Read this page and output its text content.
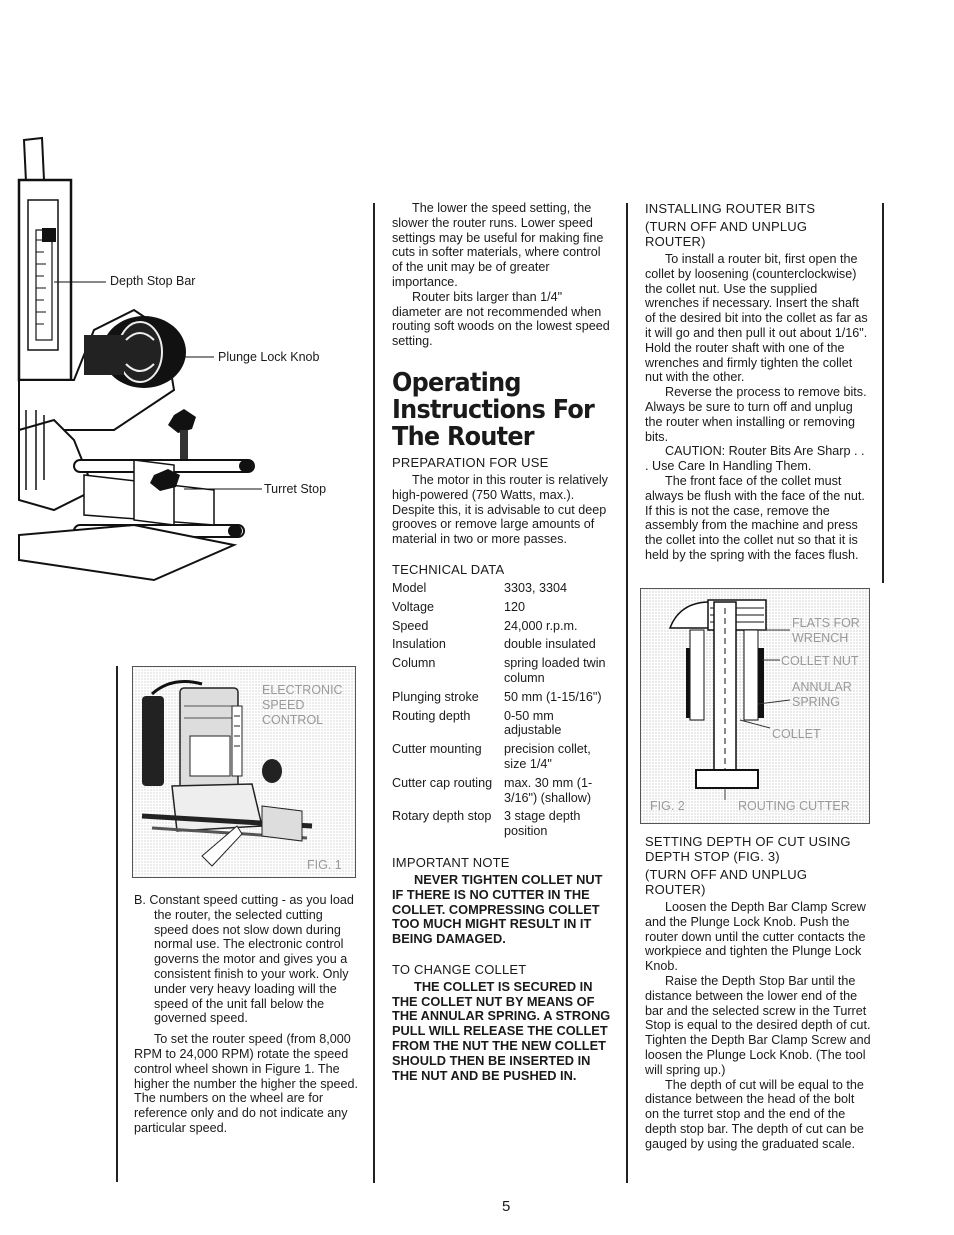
Depth Stop Bar
Plunge Lock Knob
Turret Stop
ELECTRONIC
SPEED
CONTROL
FIG. 1

B. Constant speed cutting - as you load the router, the selected cutting speed does not slow down during normal use. The electronic control governs the motor and gives you a consistent finish to your work. Only under very heavy loading will the speed of the unit fall below the governed speed.

To set the router speed (from 8,000 RPM to 24,000 RPM) rotate the speed control wheel shown in Figure 1. The higher the number the higher the speed. The numbers on the wheel are for reference only and do not indicate any particular speed.

The lower the speed setting, the slower the router runs. Lower speed settings may be useful for making fine cuts in softer materials, where control of the unit may be of greater importance.

Router bits larger than 1/4" diameter are not recommended when routing soft woods on the lowest speed setting.

Operating
Instructions For
The Router
PREPARATION FOR USE

The motor in this router is relatively high-powered (750 Watts, max.). Despite this, it is advisable to cut deep grooves or remove large amounts of material in two or more passes.

TECHNICAL DATA
Model	3303, 3304
Voltage	120
Speed	24,000 r.p.m.
Insulation	double insulated
Column	spring loaded twin column
Plunging stroke	50 mm (1-15/16")
Routing depth	0-50 mm adjustable
Cutter mounting	precision collet, size 1/4"
Cutter cap routing	max. 30 mm (1-3/16") (shallow)
Rotary depth stop	3 stage depth position
IMPORTANT NOTE

NEVER TIGHTEN COLLET NUT IF THERE IS NO CUTTER IN THE COLLET. COMPRESSING COLLET TOO MUCH MIGHT RESULT IN IT BEING DAMAGED.

TO CHANGE COLLET

THE COLLET IS SECURED IN THE COLLET NUT BY MEANS OF THE ANNULAR SPRING. A STRONG PULL WILL RELEASE THE COLLET FROM THE NUT THE NEW COLLET SHOULD THEN BE INSERTED IN THE NUT AND BE PUSHED IN.

INSTALLING ROUTER BITS
(TURN OFF AND UNPLUG ROUTER)

To install a router bit, first open the collet by loosening (counterclockwise) the collet nut. Use the supplied wrenches if necessary. Insert the shaft of the desired bit into the collet as far as it will go and then pull it out about 1/16". Hold the router shaft with one of the wrenches and firmly tighten the collet nut with the other.

Reverse the process to remove bits. Always be sure to turn off and unplug the router when installing or removing bits.

CAUTION: Router Bits Are Sharp . . . Use Care In Handling Them.

The front face of the collet must always be flush with the face of the nut. If this is not the case, remove the assembly from the machine and press the collet into the collet nut so that it is held by the spring with the faces flush.

FLATS FOR
WRENCH
COLLET NUT
ANNULAR
SPRING
COLLET
FIG. 2	ROUTING CUTTER
SETTING DEPTH OF CUT USING DEPTH STOP (FIG. 3)
(TURN OFF AND UNPLUG ROUTER)

Loosen the Depth Bar Clamp Screw and the Plunge Lock Knob. Push the router down until the cutter contacts the workpiece and tighten the Plunge Lock Knob.

Raise the Depth Stop Bar until the distance between the lower end of the bar and the selected screw in the Turret Stop is equal to the desired depth of cut. Tighten the Depth Bar Clamp Screw and loosen the Plunge Lock Knob. (The tool will spring up.)

The depth of cut will be equal to the distance between the head of the bolt on the turret stop and the end of the depth stop bar. The depth of cut can be gauged by using the graduated scale.

5
